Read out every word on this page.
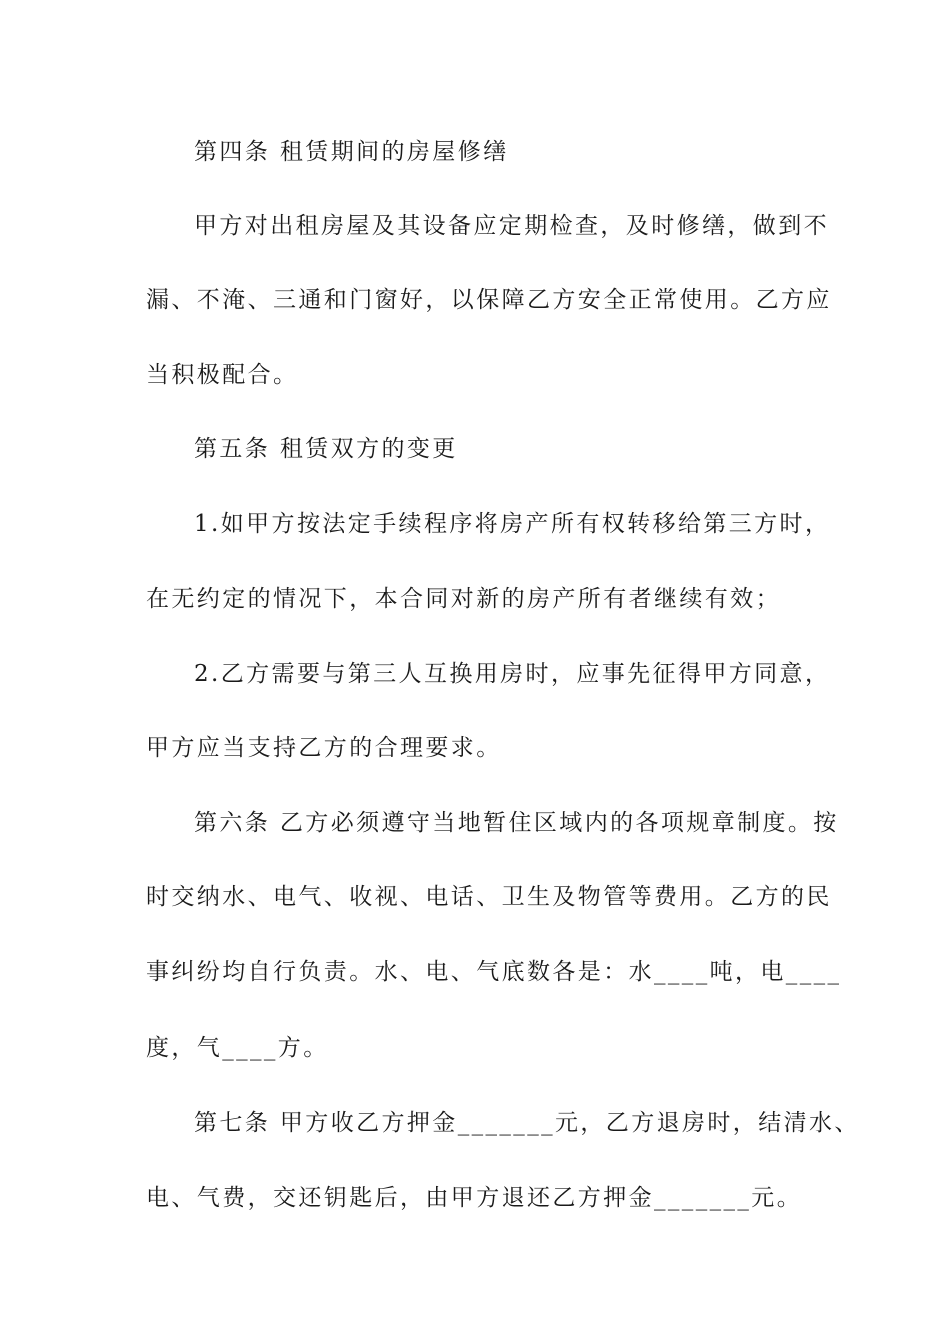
第四条 租赁期间的房屋修缮
甲方对出租房屋及其设备应定期检查，及时修缮，做到不
漏、不淹、三通和门窗好，以保障乙方安全正常使用。乙方应
当积极配合。
第五条 租赁双方的变更
1.如甲方按法定手续程序将房产所有权转移给第三方时，
在无约定的情况下，本合同对新的房产所有者继续有效；
2.乙方需要与第三人互换用房时，应事先征得甲方同意，
甲方应当支持乙方的合理要求。
第六条 乙方必须遵守当地暂住区域内的各项规章制度。按
时交纳水、电气、收视、电话、卫生及物管等费用。乙方的民
事纠纷均自行负责。水、电、气底数各是：水____吨，电____
度，气____方。
第七条 甲方收乙方押金_______元，乙方退房时，结清水、
电、气费，交还钥匙后，由甲方退还乙方押金_______元。
